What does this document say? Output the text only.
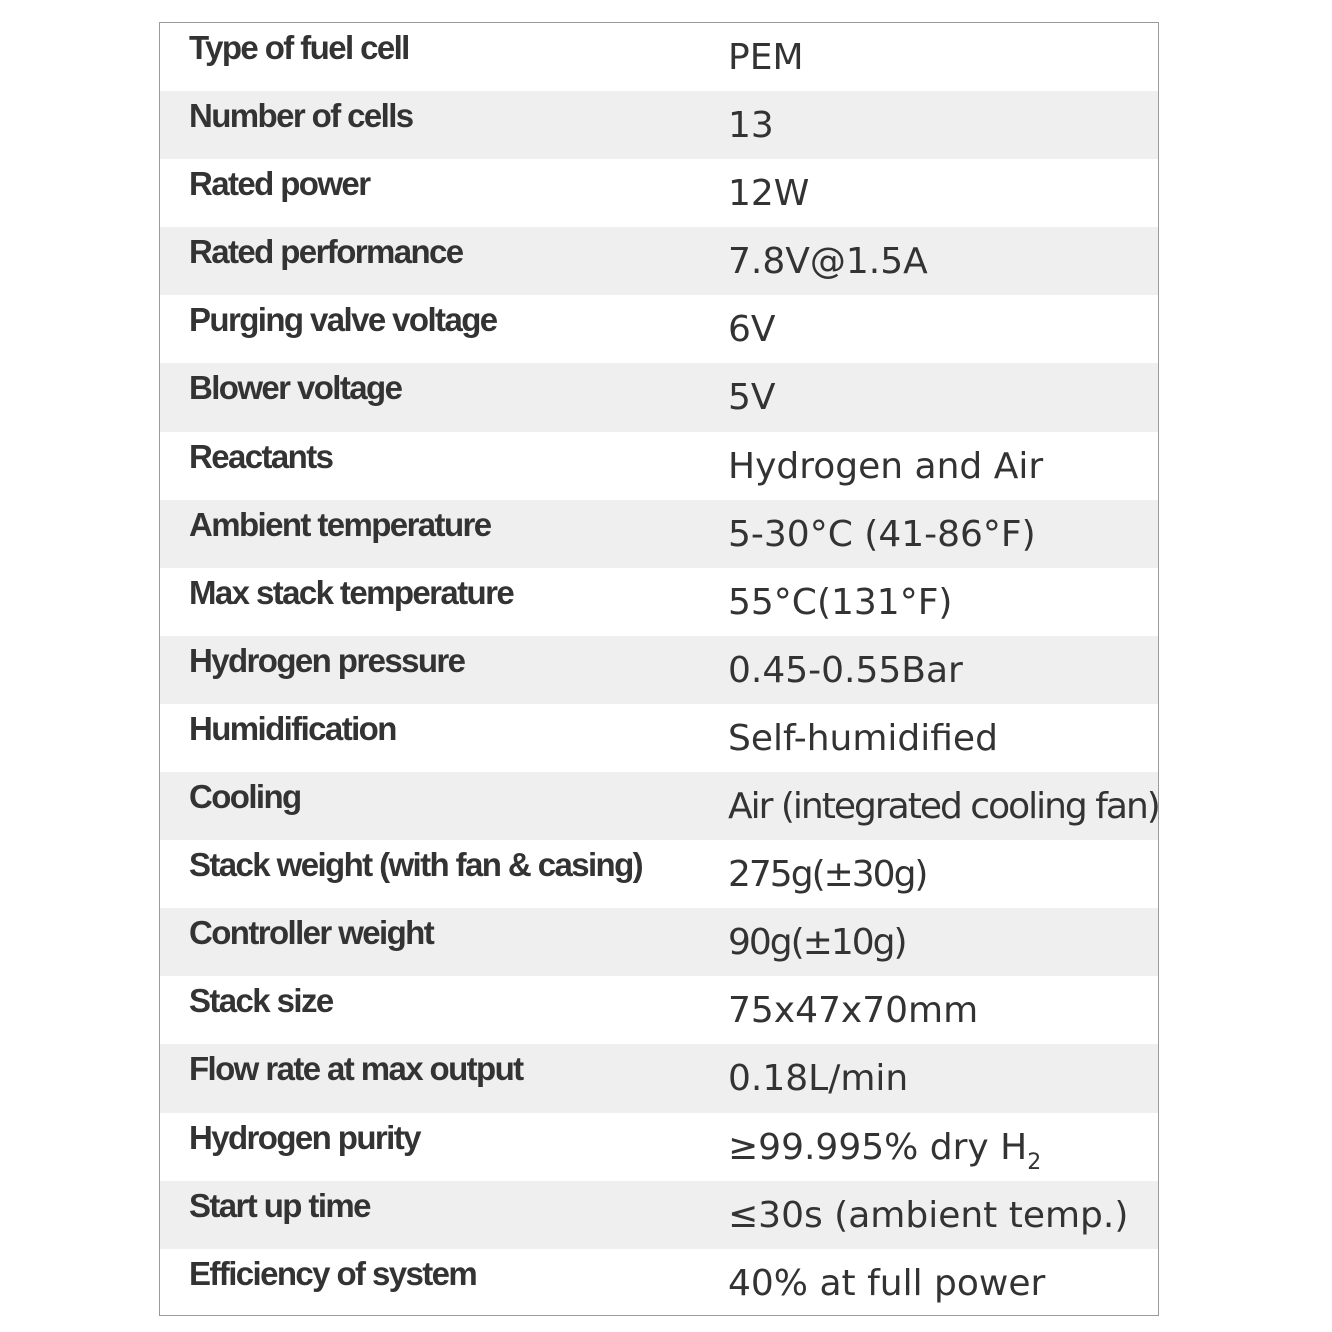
Type of fuel cell	PEM
Number of cells	13
Rated power	12W
Rated performance	7.8V@1.5A
Purging valve voltage	6V
Blower voltage	5V
Reactants	Hydrogen and Air
Ambient temperature	5-30°C (41-86°F)
Max stack temperature	55°C(131°F)
Hydrogen pressure	0.45-0.55Bar
Humidification	Self-humidified
Cooling	Air (integrated cooling fan)
Stack weight (with fan & casing) 275g(±30g)
Controller weight	90g(±10g)
Stack size	75x47x70mm
Flow rate at max output	0.18L/min
Hydrogen purity	≥99.995% dry $H_2$
Start up time	≤30s (ambient temp.)
Efficiency of system	40% at full power
